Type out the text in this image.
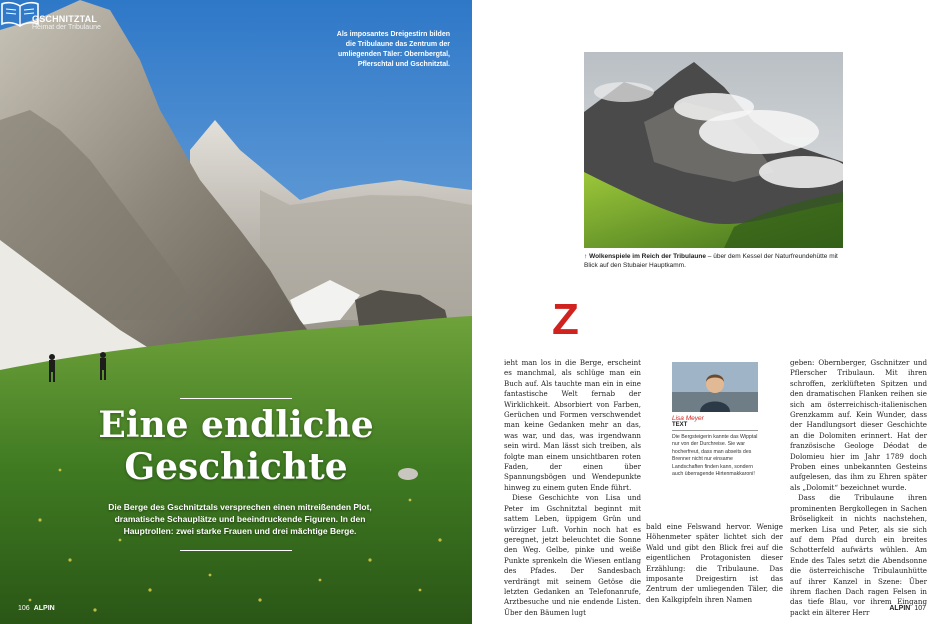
GSCHNITZTAL
Heimat der Tribulaune
Als imposantes Dreigestirn bilden die Tribulaune das Zentrum der umliegenden Täler: Obernbergtal, Pflerschtal und Gschnitztal.
Eine endliche
Geschichte
Die Berge des Gschnitztals versprechen einen mitreißenden Plot, dramatische Schauplätze und beeindruckende Figuren. In den Hauptrollen: zwei starke Frauen und drei mächtige Berge.
106 ALPIN
↑ Wolkenspiele im Reich der Tribulaune – über dem Kessel der Naturfreundehütte mit Blick auf den Stubaier Hauptkamm.
Z

ieht man los in die Berge, erscheint es manchmal, als schlüge man ein Buch auf. Als tauchte man ein in eine fantastische Welt fernab der Wirklichkeit. Absorbiert von Farben, Gerüchen und Formen verschwendet man keine Gedanken mehr an das, was war, und das, was irgendwann sein wird. Man lässt sich treiben, als folgte man einem unsichtbaren roten Faden, der einen über Spannungsbögen und Wendepunkte hinweg zu einem guten Ende führt.

Diese Geschichte von Lisa und Peter im Gschnitztal beginnt mit sattem Leben, üppigem Grün und würziger Luft. Vorhin noch hat es geregnet, jetzt beleuchtet die Sonne den Weg. Gelbe, pinke und weiße Punkte sprenkeln die Wiesen entlang des Pfades. Der Sandesbach verdrängt mit seinem Getöse die letzten Gedanken an Telefonanrufe, Arztbesuche und nie endende Listen. Über den Bäumen lugt

Lisa Meyer
TEXT
Die Bergsteigerin kannte das Wipptal nur von der Durchreise. Sie war hocherfreut, dass man abseits des Brenner nicht nur einsame Landschaften finden kann, sondern auch überragende Hirtenmakkaroni!

bald eine Felswand hervor. Wenige Höhenmeter später lichtet sich der Wald und gibt den Blick frei auf die eigentlichen Protagonisten dieser Erzählung: die Tribulaune. Das imposante Dreigestirn ist das Zentrum der umliegenden Täler, die den Kalkgipfeln ihren Namen

geben: Obernberger, Gschnitzer und Pflerscher Tribulaun. Mit ihren schroffen, zerklüfteten Spitzen und den dramatischen Flanken reihen sie sich am österreichisch-italienischen Grenzkamm auf. Kein Wunder, dass der Handlungsort dieser Geschichte an die Dolomiten erinnert. Hat der französische Geologe Déodat de Dolomieu hier im Jahr 1789 doch Proben eines unbekannten Gesteins aufgelesen, das ihm zu Ehren später als „Dolomit“ bezeichnet wurde.

Dass die Tribulaune ihren prominenten Bergkollegen in Sachen Bröseligkeit in nichts nachstehen, merken Lisa und Peter, als sie sich auf dem Pfad durch ein breites Schotterfeld aufwärts wühlen. Am Ende des Tales setzt die Abendsonne die österreichische Tribulaunhütte auf ihrer Kanzel in Szene: Über ihrem flachen Dach ragen Felsen in das tiefe Blau, vor ihrem Eingang packt ein älterer Herr	ALPIN 107
